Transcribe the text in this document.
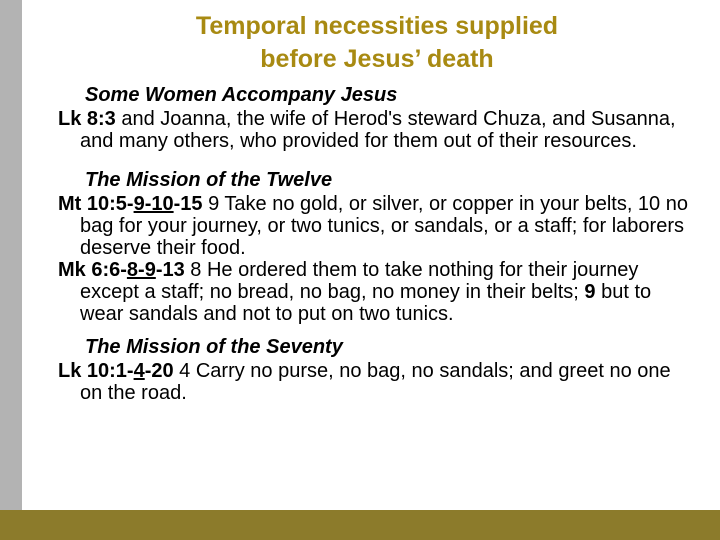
Temporal necessities supplied
before Jesus’ death
Some Women Accompany Jesus

Lk 8:3 and Joanna, the wife of Herod's steward Chuza, and Susanna, and many others, who provided for them out of their resources.

The Mission of the Twelve

Mt 10:5-9-10-15 9 Take no gold, or silver, or copper in your belts, 10 no bag for your journey, or two tunics, or sandals, or a staff; for laborers deserve their food.

Mk 6:6-8-9-13 8 He ordered them to take nothing for their journey except a staff; no bread, no bag, no money in their belts; 9 but to wear sandals and not to put on two tunics.

The Mission of the Seventy

Lk 10:1-4-20 4 Carry no purse, no bag, no sandals; and greet no one on the road.
